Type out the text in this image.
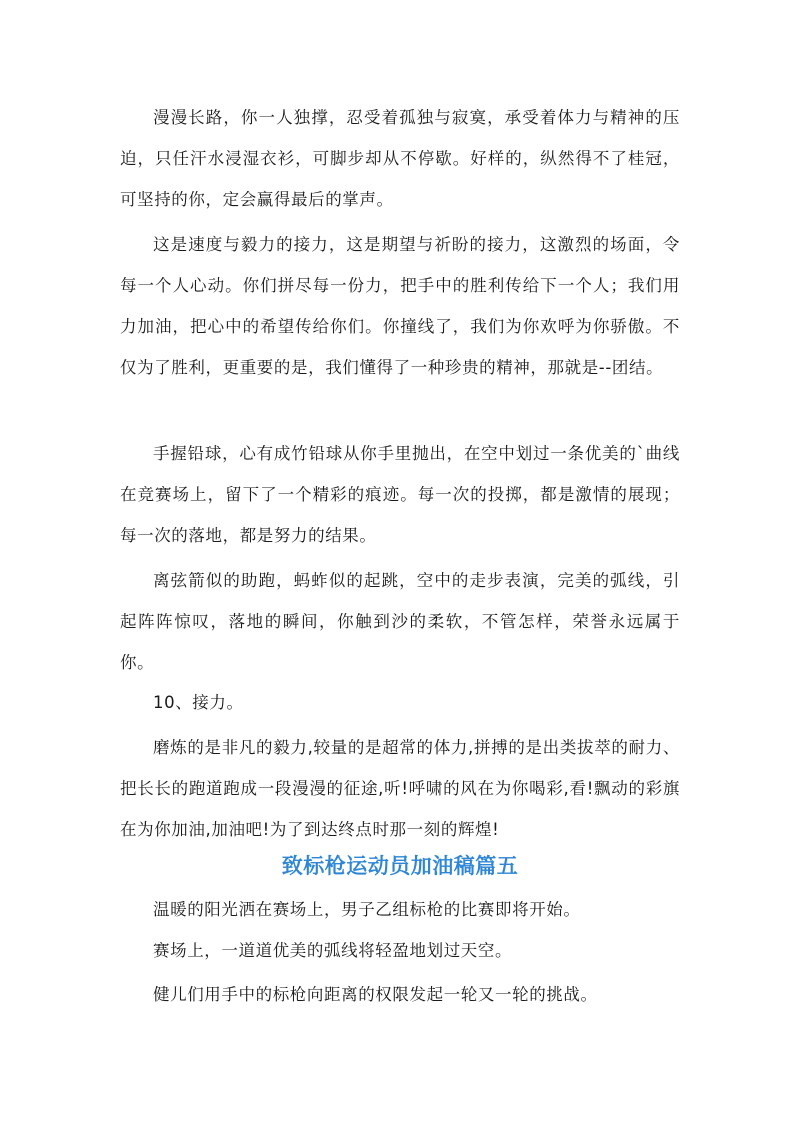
漫漫长路，你一人独撑，忍受着孤独与寂寞，承受着体力与精神的压迫，只任汗水浸湿衣衫，可脚步却从不停歇。好样的，纵然得不了桂冠，可坚持的你，定会赢得最后的掌声。

这是速度与毅力的接力，这是期望与祈盼的接力，这激烈的场面，令每一个人心动。你们拼尽每一份力，把手中的胜利传给下一个人；我们用力加油，把心中的希望传给你们。你撞线了，我们为你欢呼为你骄傲。不仅为了胜利，更重要的是，我们懂得了一种珍贵的精神，那就是--团结。

手握铅球，心有成竹铅球从你手里抛出，在空中划过一条优美的`曲线在竞赛场上，留下了一个精彩的痕迹。每一次的投掷，都是激情的展现；每一次的落地，都是努力的结果。

离弦箭似的助跑，蚂蚱似的起跳，空中的走步表演，完美的弧线，引起阵阵惊叹，落地的瞬间，你触到沙的柔软，不管怎样，荣誉永远属于你。

10、接力。

磨炼的是非凡的毅力,较量的是超常的体力,拼搏的是出类拔萃的耐力、把长长的跑道跑成一段漫漫的征途,听!呼啸的风在为你喝彩,看!飘动的彩旗在为你加油,加油吧!为了到达终点时那一刻的辉煌!

致标枪运动员加油稿篇五

温暖的阳光洒在赛场上，男子乙组标枪的比赛即将开始。

赛场上，一道道优美的弧线将轻盈地划过天空。

健儿们用手中的标枪向距离的权限发起一轮又一轮的挑战。
